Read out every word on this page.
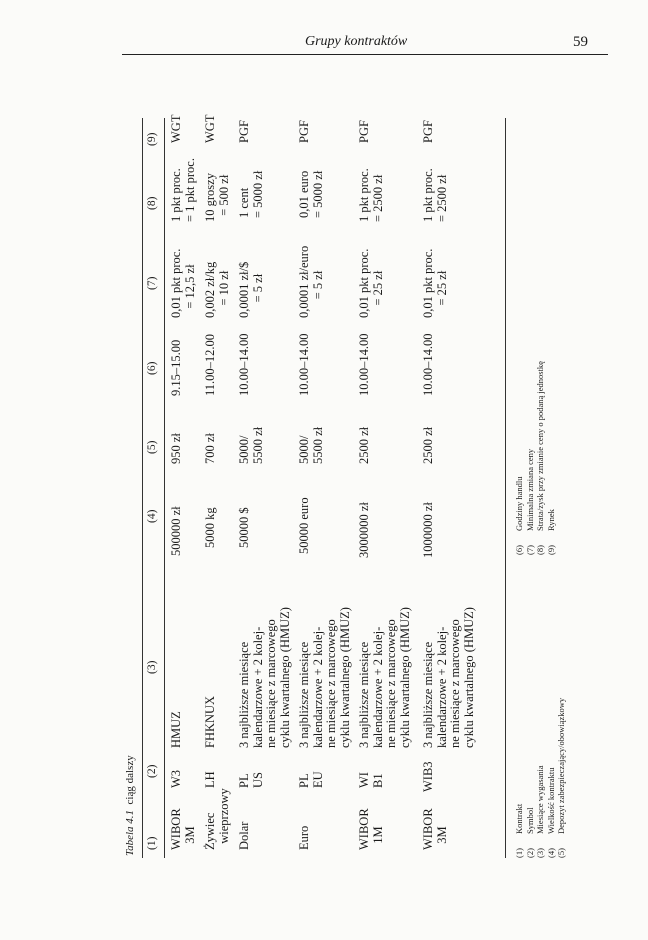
Grupy kontraktów	59
Tabela 4.1  ciąg dalszy
(1)
(2)
(3)
(4)
(5)
(6)
(7)
(8)
(9)
WIBOR
3M
W3
HMUZ
500000 zł
950 zł
9.15–15.00
0,01 pkt proc.
= 12,5 zł
1 pkt proc.
= 1 pkt proc.
WGT
Żywiec
wieprzowy
LH
FHKNUX
5000 kg
700 zł
11.00–12.00
0,002 zł/kg
= 10 zł
10 groszy
= 500 zł
WGT
Dolar
PL
US
3 najbliższe miesiące
kalendarzowe + 2 kolej-
ne miesiące z marcowego
cyklu kwartalnego (HMUZ)
50000 $
5000/
5500 zł
10.00–14.00
0,0001 zł/$
= 5 zł
1 cent
= 5000 zł
PGF
Euro
PL
EU
3 najbliższe miesiące
kalendarzowe + 2 kolej-
ne miesiące z marcowego
cyklu kwartalnego (HMUZ)
50000 euro
5000/
5500 zł
10.00–14.00
0,0001 zł/euro
= 5 zł
0,01 euro
= 5000 zł
PGF
WIBOR
1M
WI
B1
3 najbliższe miesiące
kalendarzowe + 2 kolej-
ne miesiące z marcowego
cyklu kwartalnego (HMUZ)
3000000 zł
2500 zł
10.00–14.00
0,01 pkt proc.
= 25 zł
1 pkt proc.
= 2500 zł
PGF
WIBOR
3M
WIB3
3 najbliższe miesiące
kalendarzowe + 2 kolej-
ne miesiące z marcowego
cyklu kwartalnego (HMUZ)
1000000 zł
2500 zł
10.00–14.00
0,01 pkt proc.
= 25 zł
1 pkt proc.
= 2500 zł
PGF
(1)Kontrakt
(2)Symbol
(3)Miesiące wygasania
(4)Wielkość kontraktu
(5)Depozyt zabezpieczający/obowiązkowy
(6)Godziny handlu
(7)Minimalna zmiana ceny
(8)Strata/zysk przy zmianie ceny o podaną jednostkę
(9)Rynek
